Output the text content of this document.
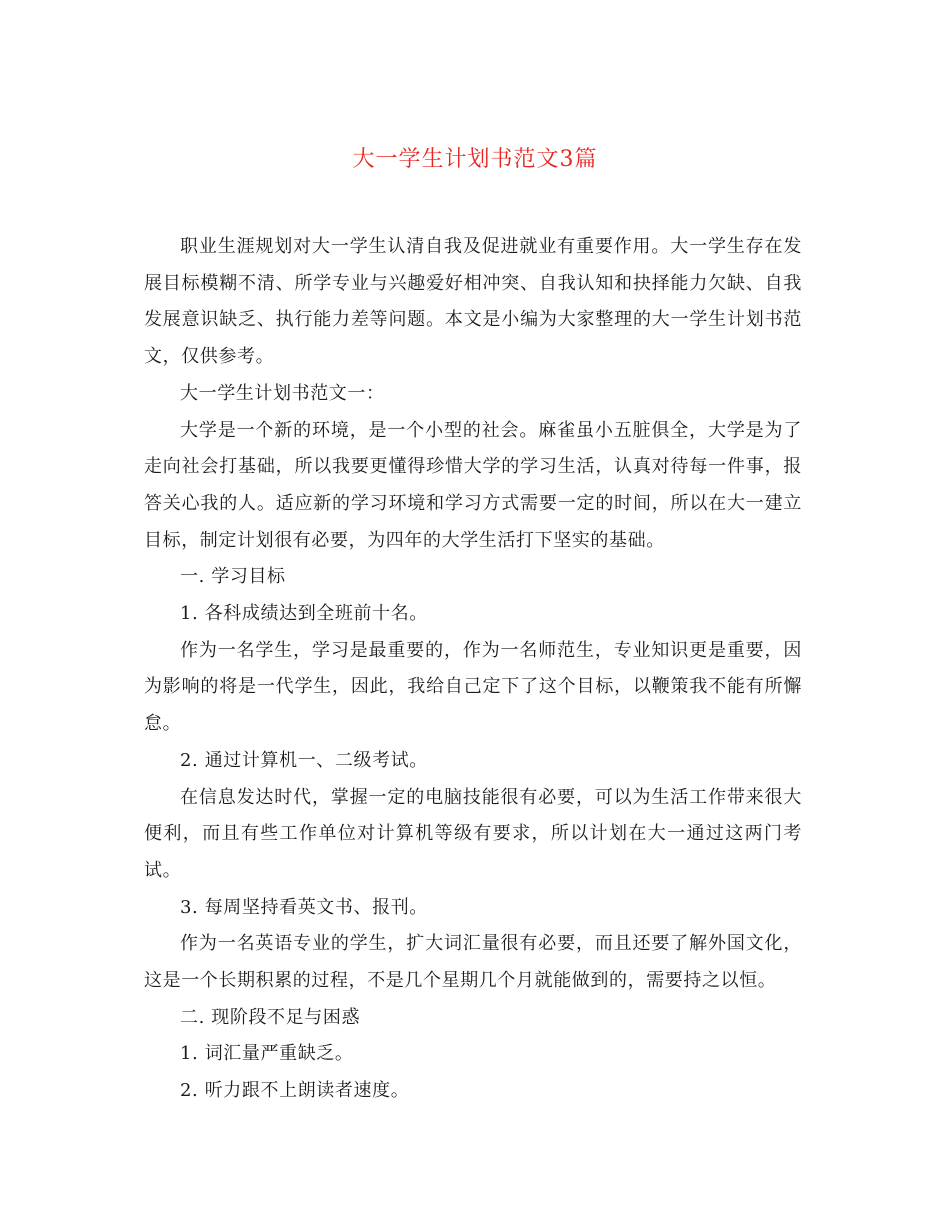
大一学生计划书范文3篇

职业生涯规划对大一学生认清自我及促进就业有重要作用。大一学生存在发展目标模糊不清、所学专业与兴趣爱好相冲突、自我认知和抉择能力欠缺、自我发展意识缺乏、执行能力差等问题。本文是小编为大家整理的大一学生计划书范文，仅供参考。

大一学生计划书范文一：

大学是一个新的环境，是一个小型的社会。麻雀虽小五脏俱全，大学是为了走向社会打基础，所以我要更懂得珍惜大学的学习生活，认真对待每一件事，报答关心我的人。适应新的学习环境和学习方式需要一定的时间，所以在大一建立目标，制定计划很有必要，为四年的大学生活打下坚实的基础。

一. 学习目标

1. 各科成绩达到全班前十名。

作为一名学生，学习是最重要的，作为一名师范生，专业知识更是重要，因为影响的将是一代学生，因此，我给自己定下了这个目标，以鞭策我不能有所懈怠。

2. 通过计算机一、二级考试。

在信息发达时代，掌握一定的电脑技能很有必要，可以为生活工作带来很大便利，而且有些工作单位对计算机等级有要求，所以计划在大一通过这两门考试。

3. 每周坚持看英文书、报刊。

作为一名英语专业的学生，扩大词汇量很有必要，而且还要了解外国文化，这是一个长期积累的过程，不是几个星期几个月就能做到的，需要持之以恒。

二. 现阶段不足与困惑

1. 词汇量严重缺乏。

2. 听力跟不上朗读者速度。
